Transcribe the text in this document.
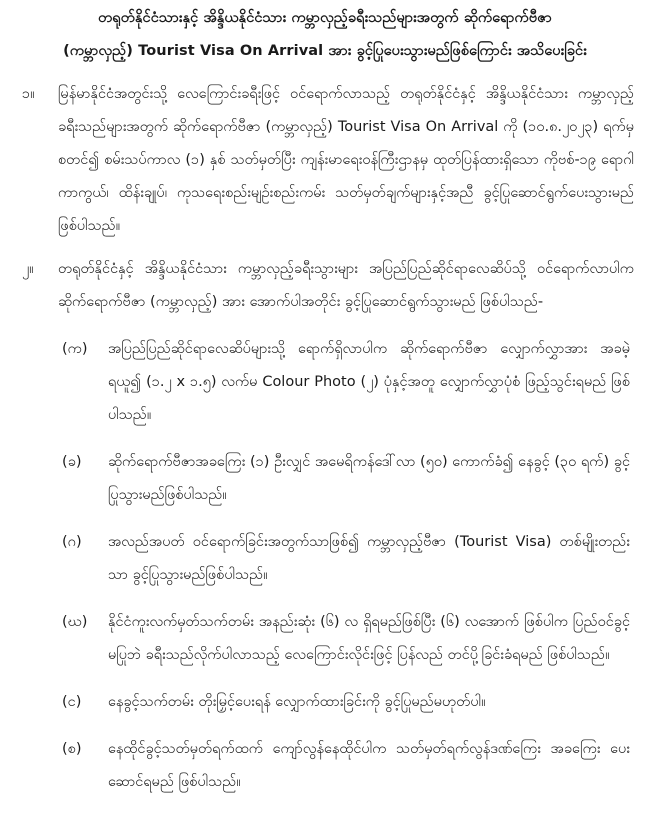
တရုတ်နိုင်ငံသားနှင့် အိန္ဒိယနိုင်ငံသား ကမ္ဘာလှည့်ခရီးသည်များအတွက် ဆိုက်ရောက်ဗီဇာ
(ကမ္ဘာလှည့်) Tourist Visa On Arrival အား ခွင့်ပြုပေးသွားမည်ဖြစ်ကြောင်း အသိပေးခြင်း
၁။ မြန်မာနိုင်ငံအတွင်းသို့ လေကြောင်းခရီးဖြင့် ဝင်ရောက်လာသည့် တရုတ်နိုင်ငံနှင့် အိန္ဒိယနိုင်ငံသား ကမ္ဘာလှည့်ခရီးသည်များအတွက် ဆိုက်ရောက်ဗီဇာ (ကမ္ဘာလှည့်) Tourist Visa On Arrival ကို (၁၀.၈.၂၀၂၃) ရက်မှ စတင်၍ စမ်းသပ်ကာလ (၁) နှစ် သတ်မှတ်ပြီး ကျန်းမာရေးဝန်ကြီးဌာနမှ ထုတ်ပြန်ထားရှိသော ကိုဗစ်-၁၉ ရောဂါကာကွယ်၊ ထိန်းချုပ်၊ ကုသရေးစည်းမျဉ်းစည်းကမ်း သတ်မှတ်ချက်များနှင့်အညီ ခွင့်ပြုဆောင်ရွက်ပေးသွားမည် ဖြစ်ပါသည်။
၂။ တရုတ်နိုင်ငံနှင့် အိန္ဒိယနိုင်ငံသား ကမ္ဘာလှည့်ခရီးသွားများ အပြည်ပြည်ဆိုင်ရာလေဆိပ်သို့ ဝင်ရောက်လာပါက ဆိုက်ရောက်ဗီဇာ (ကမ္ဘာလှည့်) အား အောက်ပါအတိုင်း ခွင့်ပြုဆောင်ရွက်သွားမည် ဖြစ်ပါသည်-
(က) အပြည်ပြည်ဆိုင်ရာလေဆိပ်များသို့ ရောက်ရှိလာပါက ဆိုက်ရောက်ဗီဇာ လျှောက်လွှာအား အခမဲ့ရယူ၍ (၁.၂ x ၁.၅) လက်မ Colour Photo (၂) ပုံနှင့်အတူ လျှောက်လွှာပုံစံ ဖြည့်သွင်းရမည် ဖြစ်ပါသည်။
(ခ) ဆိုက်ရောက်ဗီဇာအခကြေး (၁) ဦးလျှင် အမေရိကန်ဒေါ်လာ (၅၀) ကောက်ခံ၍ နေခွင့် (၃၀ ရက်) ခွင့်ပြုသွားမည်ဖြစ်ပါသည်။
(ဂ) အလည်အပတ် ဝင်ရောက်ခြင်းအတွက်သာဖြစ်၍ ကမ္ဘာလှည့်ဗီဇာ (Tourist Visa) တစ်မျိုးတည်းသာ ခွင့်ပြုသွားမည်ဖြစ်ပါသည်။
(ဃ) နိုင်ငံကူးလက်မှတ်သက်တမ်း အနည်းဆုံး (၆) လ ရှိရမည်ဖြစ်ပြီး (၆) လအောက် ဖြစ်ပါက ပြည်ဝင်ခွင့်မပြုဘဲ ခရီးသည်လိုက်ပါလာသည့် လေကြောင်းလိုင်းဖြင့် ပြန်လည် တင်ပို့ခြင်းခံရမည် ဖြစ်ပါသည်။
(င) နေခွင့်သက်တမ်း တိုးမြှင့်ပေးရန် လျှောက်ထားခြင်းကို ခွင့်ပြုမည်မဟုတ်ပါ။
(စ) နေထိုင်ခွင့်သတ်မှတ်ရက်ထက် ကျော်လွန်နေထိုင်ပါက သတ်မှတ်ရက်လွန်ဒဏ်ကြေး အခကြေး ပေးဆောင်ရမည် ဖြစ်ပါသည်။
